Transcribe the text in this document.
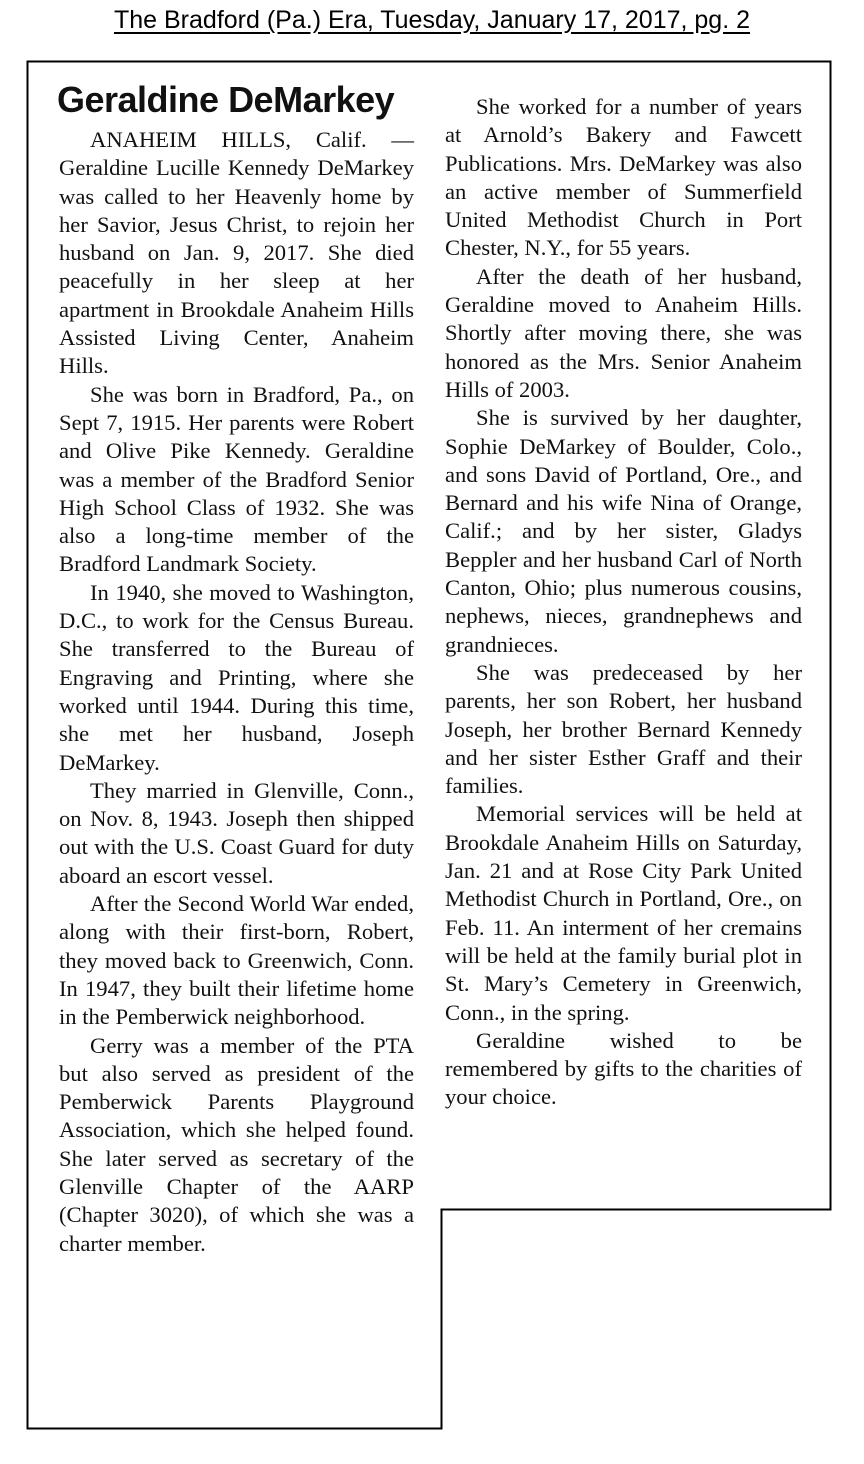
The Bradford (Pa.) Era, Tuesday, January 17, 2017, pg. 2
Geraldine DeMarkey

ANAHEIM HILLS, Calif. — Geraldine Lucille Kennedy DeMarkey was called to her Heavenly home by her Savior, Jesus Christ, to rejoin her husband on Jan. 9, 2017. She died peacefully in her sleep at her apartment in Brookdale Anaheim Hills Assisted Living Center, Anaheim Hills.

She was born in Bradford, Pa., on Sept 7, 1915. Her parents were Robert and Olive Pike Kennedy. Geraldine was a member of the Bradford Senior High School Class of 1932. She was also a long-time member of the Bradford Landmark Society.

In 1940, she moved to Washington, D.C., to work for the Census Bureau. She transferred to the Bureau of Engraving and Printing, where she worked until 1944. During this time, she met her husband, Joseph DeMarkey.

They married in Glenville, Conn., on Nov. 8, 1943. Joseph then shipped out with the U.S. Coast Guard for duty aboard an escort vessel.

After the Second World War ended, along with their first-born, Robert, they moved back to Greenwich, Conn. In 1947, they built their lifetime home in the Pemberwick neighborhood.

Gerry was a member of the PTA but also served as president of the Pemberwick Parents Playground Association, which she helped found. She later served as secretary of the Glenville Chapter of the AARP (Chapter 3020), of which she was a charter member.

She worked for a number of years at Arnold’s Bakery and Fawcett Publications. Mrs. DeMarkey was also an active member of Summerfield United Methodist Church in Port Chester, N.Y., for 55 years.

After the death of her husband, Geraldine moved to Anaheim Hills. Shortly after moving there, she was honored as the Mrs. Senior Anaheim Hills of 2003.

She is survived by her daughter, Sophie DeMarkey of Boulder, Colo., and sons David of Portland, Ore., and Bernard and his wife Nina of Orange, Calif.; and by her sister, Gladys Beppler and her husband Carl of North Canton, Ohio; plus numerous cousins, nephews, nieces, grandnephews and grandnieces.

She was predeceased by her parents, her son Robert, her husband Joseph, her brother Bernard Kennedy and her sister Esther Graff and their families.

Memorial services will be held at Brookdale Anaheim Hills on Saturday, Jan. 21 and at Rose City Park United Methodist Church in Portland, Ore., on Feb. 11. An interment of her cremains will be held at the family burial plot in St. Mary’s Cemetery in Greenwich, Conn., in the spring.

Geraldine wished to be remembered by gifts to the charities of your choice.
